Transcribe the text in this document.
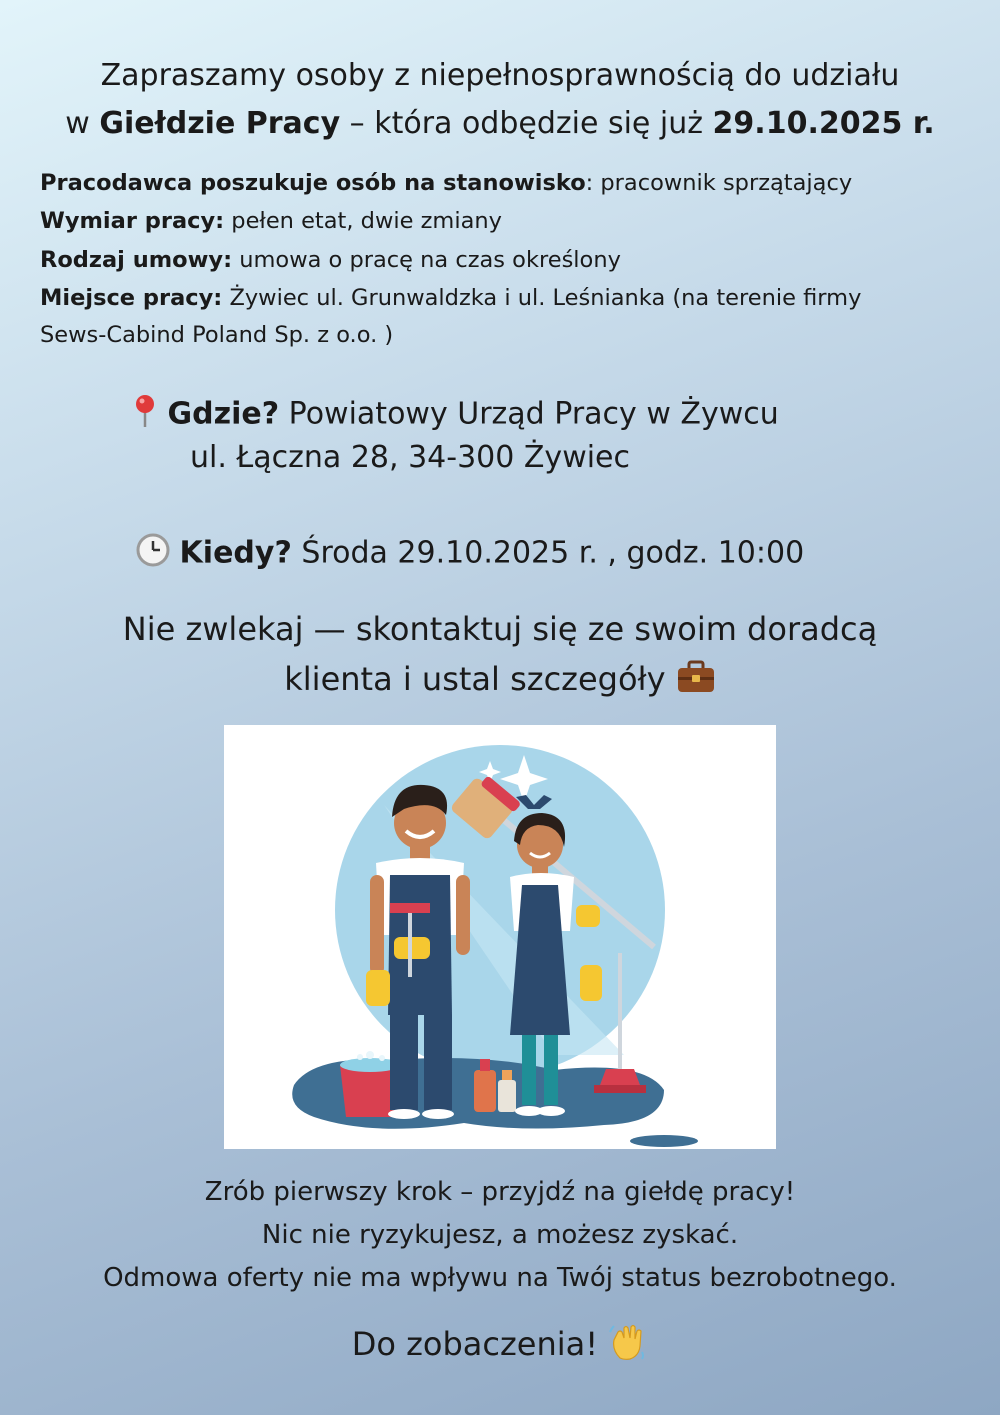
Zapraszamy osoby z niepełnosprawnością do udziału
w Giełdzie Pracy – która odbędzie się już 29.10.2025 r.
Pracodawca poszukuje osób na stanowisko: pracownik sprzątający
Wymiar pracy: pełen etat, dwie zmiany
Rodzaj umowy: umowa o pracę na czas określony
Miejsce pracy: Żywiec ul. Grunwaldzka i ul. Leśnianka (na terenie firmy
Sews-Cabind Poland Sp. z o.o. )
Gdzie? Powiatowy Urząd Pracy w Żywcu
ul. Łączna 28, 34-300 Żywiec
Kiedy? Środa 29.10.2025 r. , godz. 10:00
Nie zwlekaj — skontaktuj się ze swoim doradcą
klienta i ustal szczegóły
Zrób pierwszy krok – przyjdź na giełdę pracy!
Nic nie ryzykujesz, a możesz zyskać.
Odmowa oferty nie ma wpływu na Twój status bezrobotnego.
Do zobaczenia!
